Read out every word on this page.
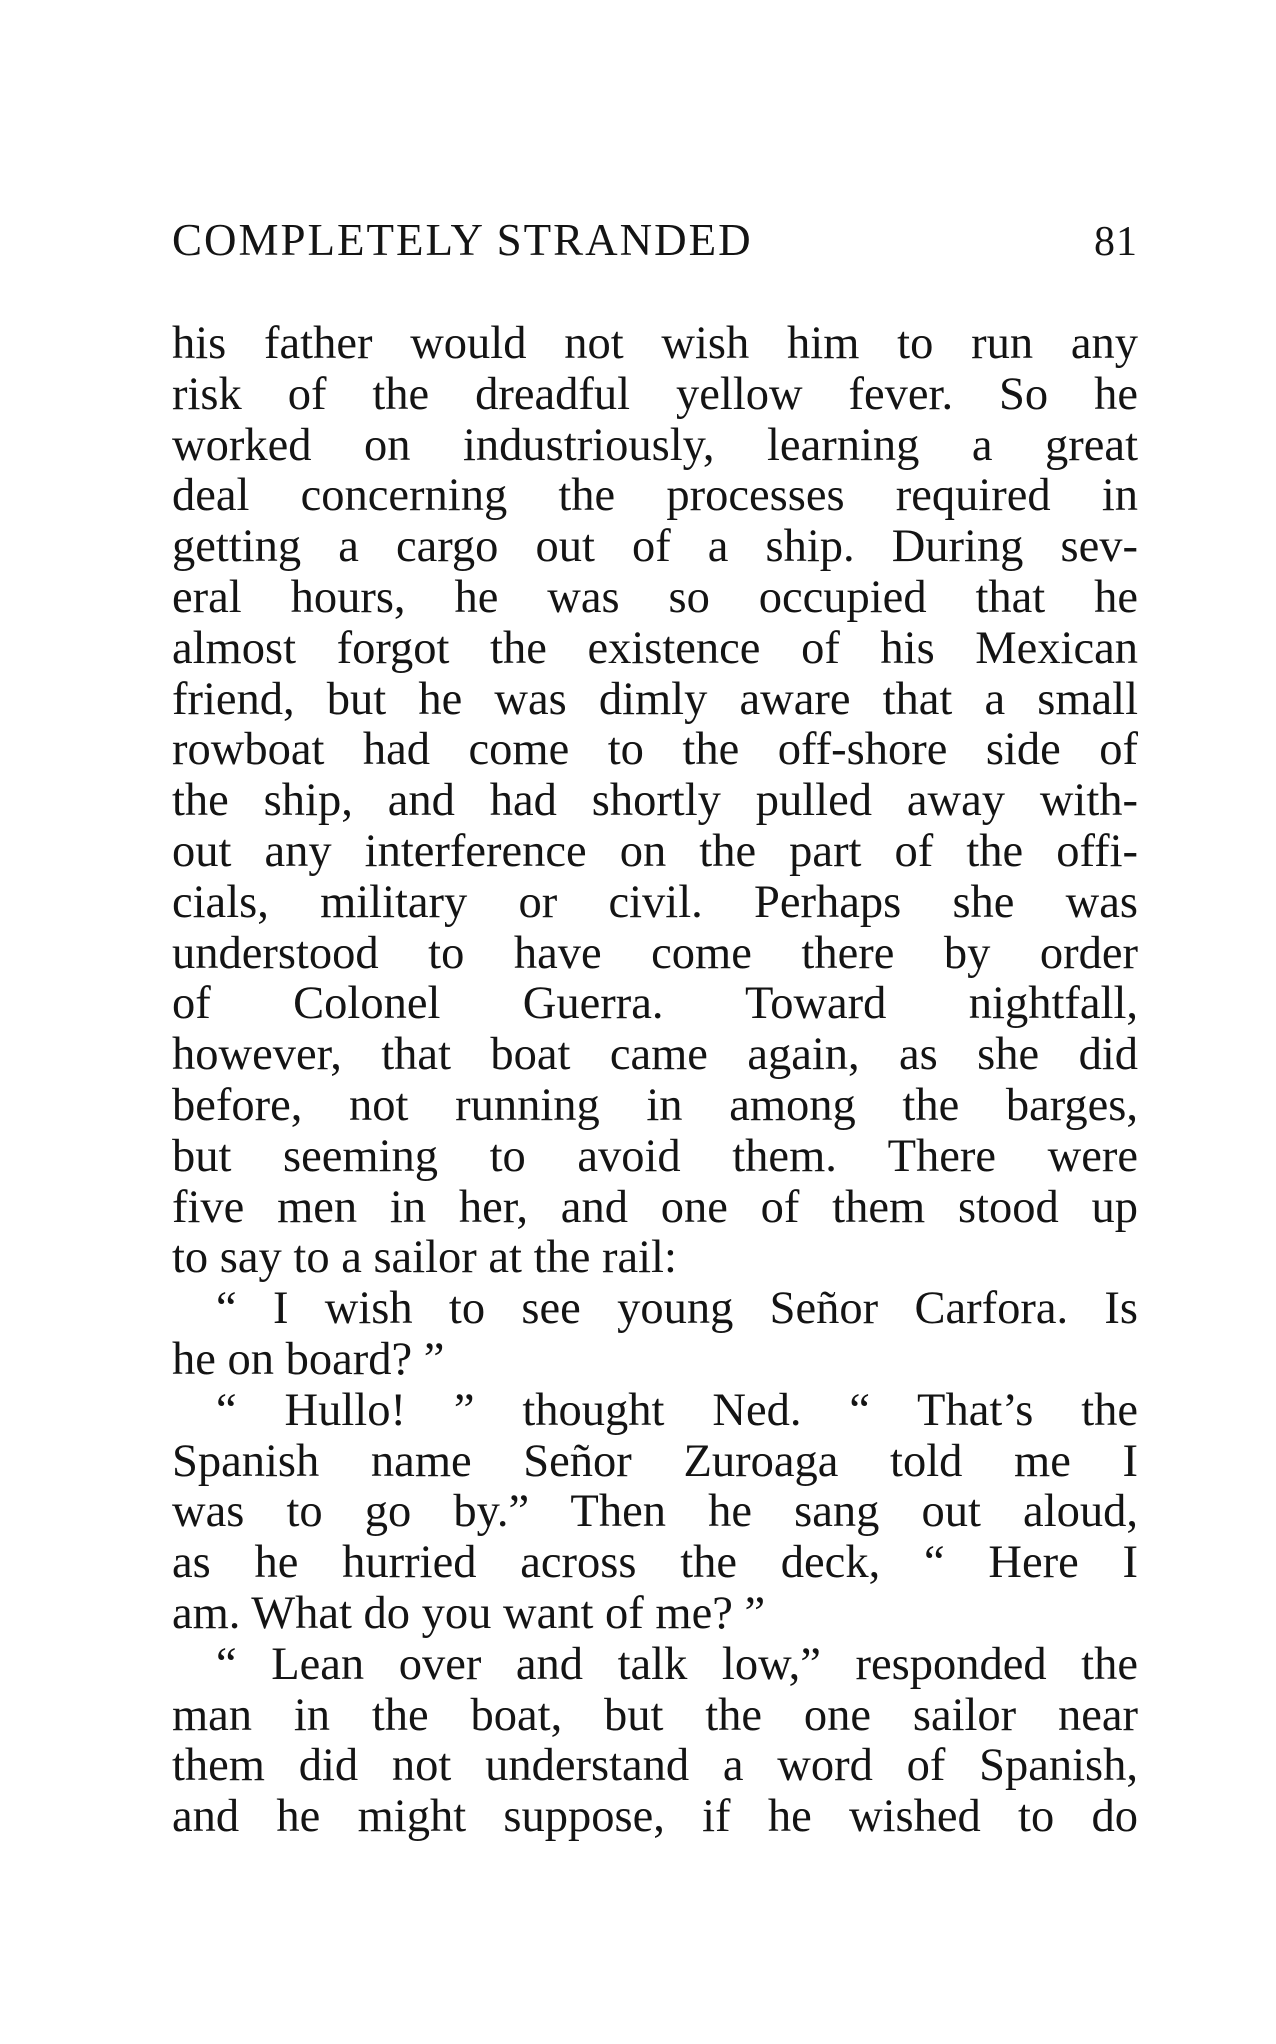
COMPLETELY STRANDED	81
his father would not wish him to run any
risk of the dreadful yellow fever. So he
worked on industriously, learning a great
deal concerning the processes required in
getting a cargo out of a ship. During sev-
eral hours, he was so occupied that he
almost forgot the existence of his Mexican
friend, but he was dimly aware that a small
rowboat had come to the off-shore side of
the ship, and had shortly pulled away with-
out any interference on the part of the offi-
cials, military or civil. Perhaps she was
understood to have come there by order
of Colonel Guerra. Toward nightfall,
however, that boat came again, as she did
before, not running in among the barges,
but seeming to avoid them. There were
five men in her, and one of them stood up
to say to a sailor at the rail:
“ I wish to see young Señor Carfora. Is
he on board? ”
“ Hullo! ” thought Ned. “ That’s the
Spanish name Señor Zuroaga told me I
was to go by.” Then he sang out aloud,
as he hurried across the deck, “ Here I
am. What do you want of me? ”
“ Lean over and talk low,” responded the
man in the boat, but the one sailor near
them did not understand a word of Spanish,
and he might suppose, if he wished to do
